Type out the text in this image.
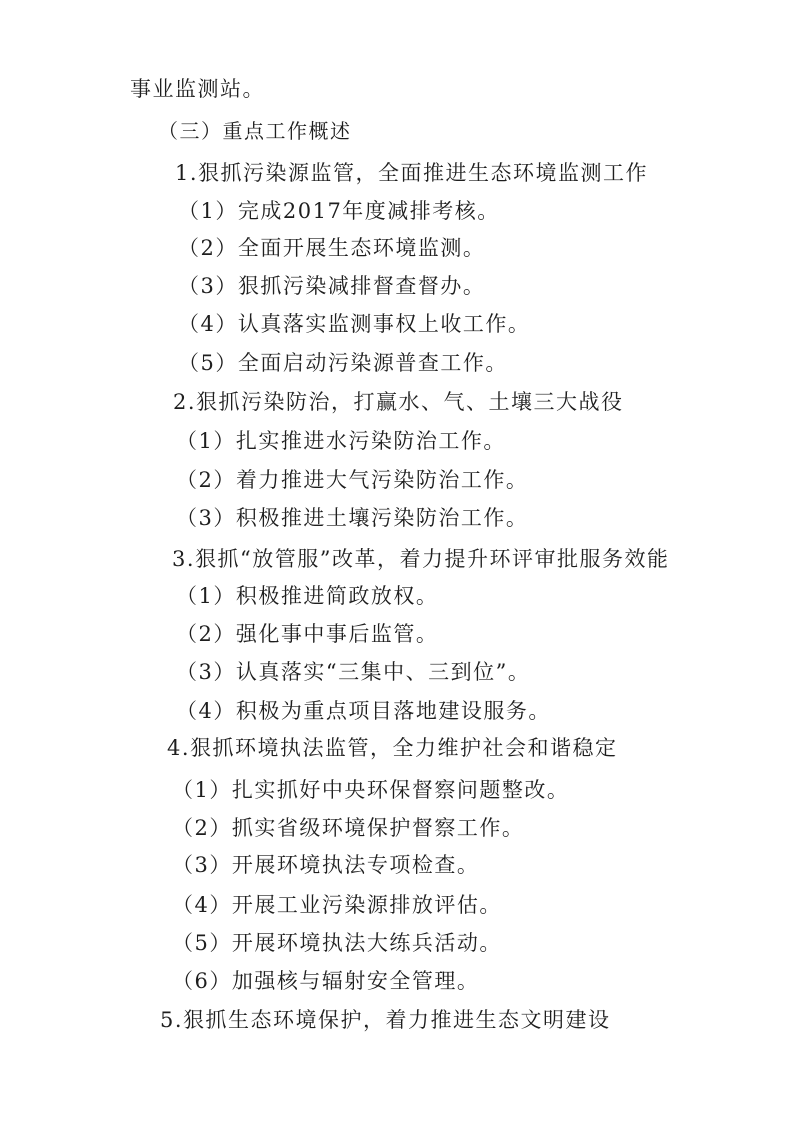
事业监测站。
（三）重点工作概述
1.狠抓污染源监管，全面推进生态环境监测工作
（1）完成2017年度减排考核。
（2）全面开展生态环境监测。
（3）狠抓污染减排督查督办。
（4）认真落实监测事权上收工作。
（5）全面启动污染源普查工作。
2.狠抓污染防治，打赢水、气、土壤三大战役
（1）扎实推进水污染防治工作。
（2）着力推进大气污染防治工作。
（3）积极推进土壤污染防治工作。
3.狠抓“放管服”改革，着力提升环评审批服务效能
（1）积极推进简政放权。
（2）强化事中事后监管。
（3）认真落实“三集中、三到位”。
（4）积极为重点项目落地建设服务。
4.狠抓环境执法监管，全力维护社会和谐稳定
（1）扎实抓好中央环保督察问题整改。
（2）抓实省级环境保护督察工作。
（3）开展环境执法专项检查。
（4）开展工业污染源排放评估。
（5）开展环境执法大练兵活动。
（6）加强核与辐射安全管理。
5.狠抓生态环境保护，着力推进生态文明建设
